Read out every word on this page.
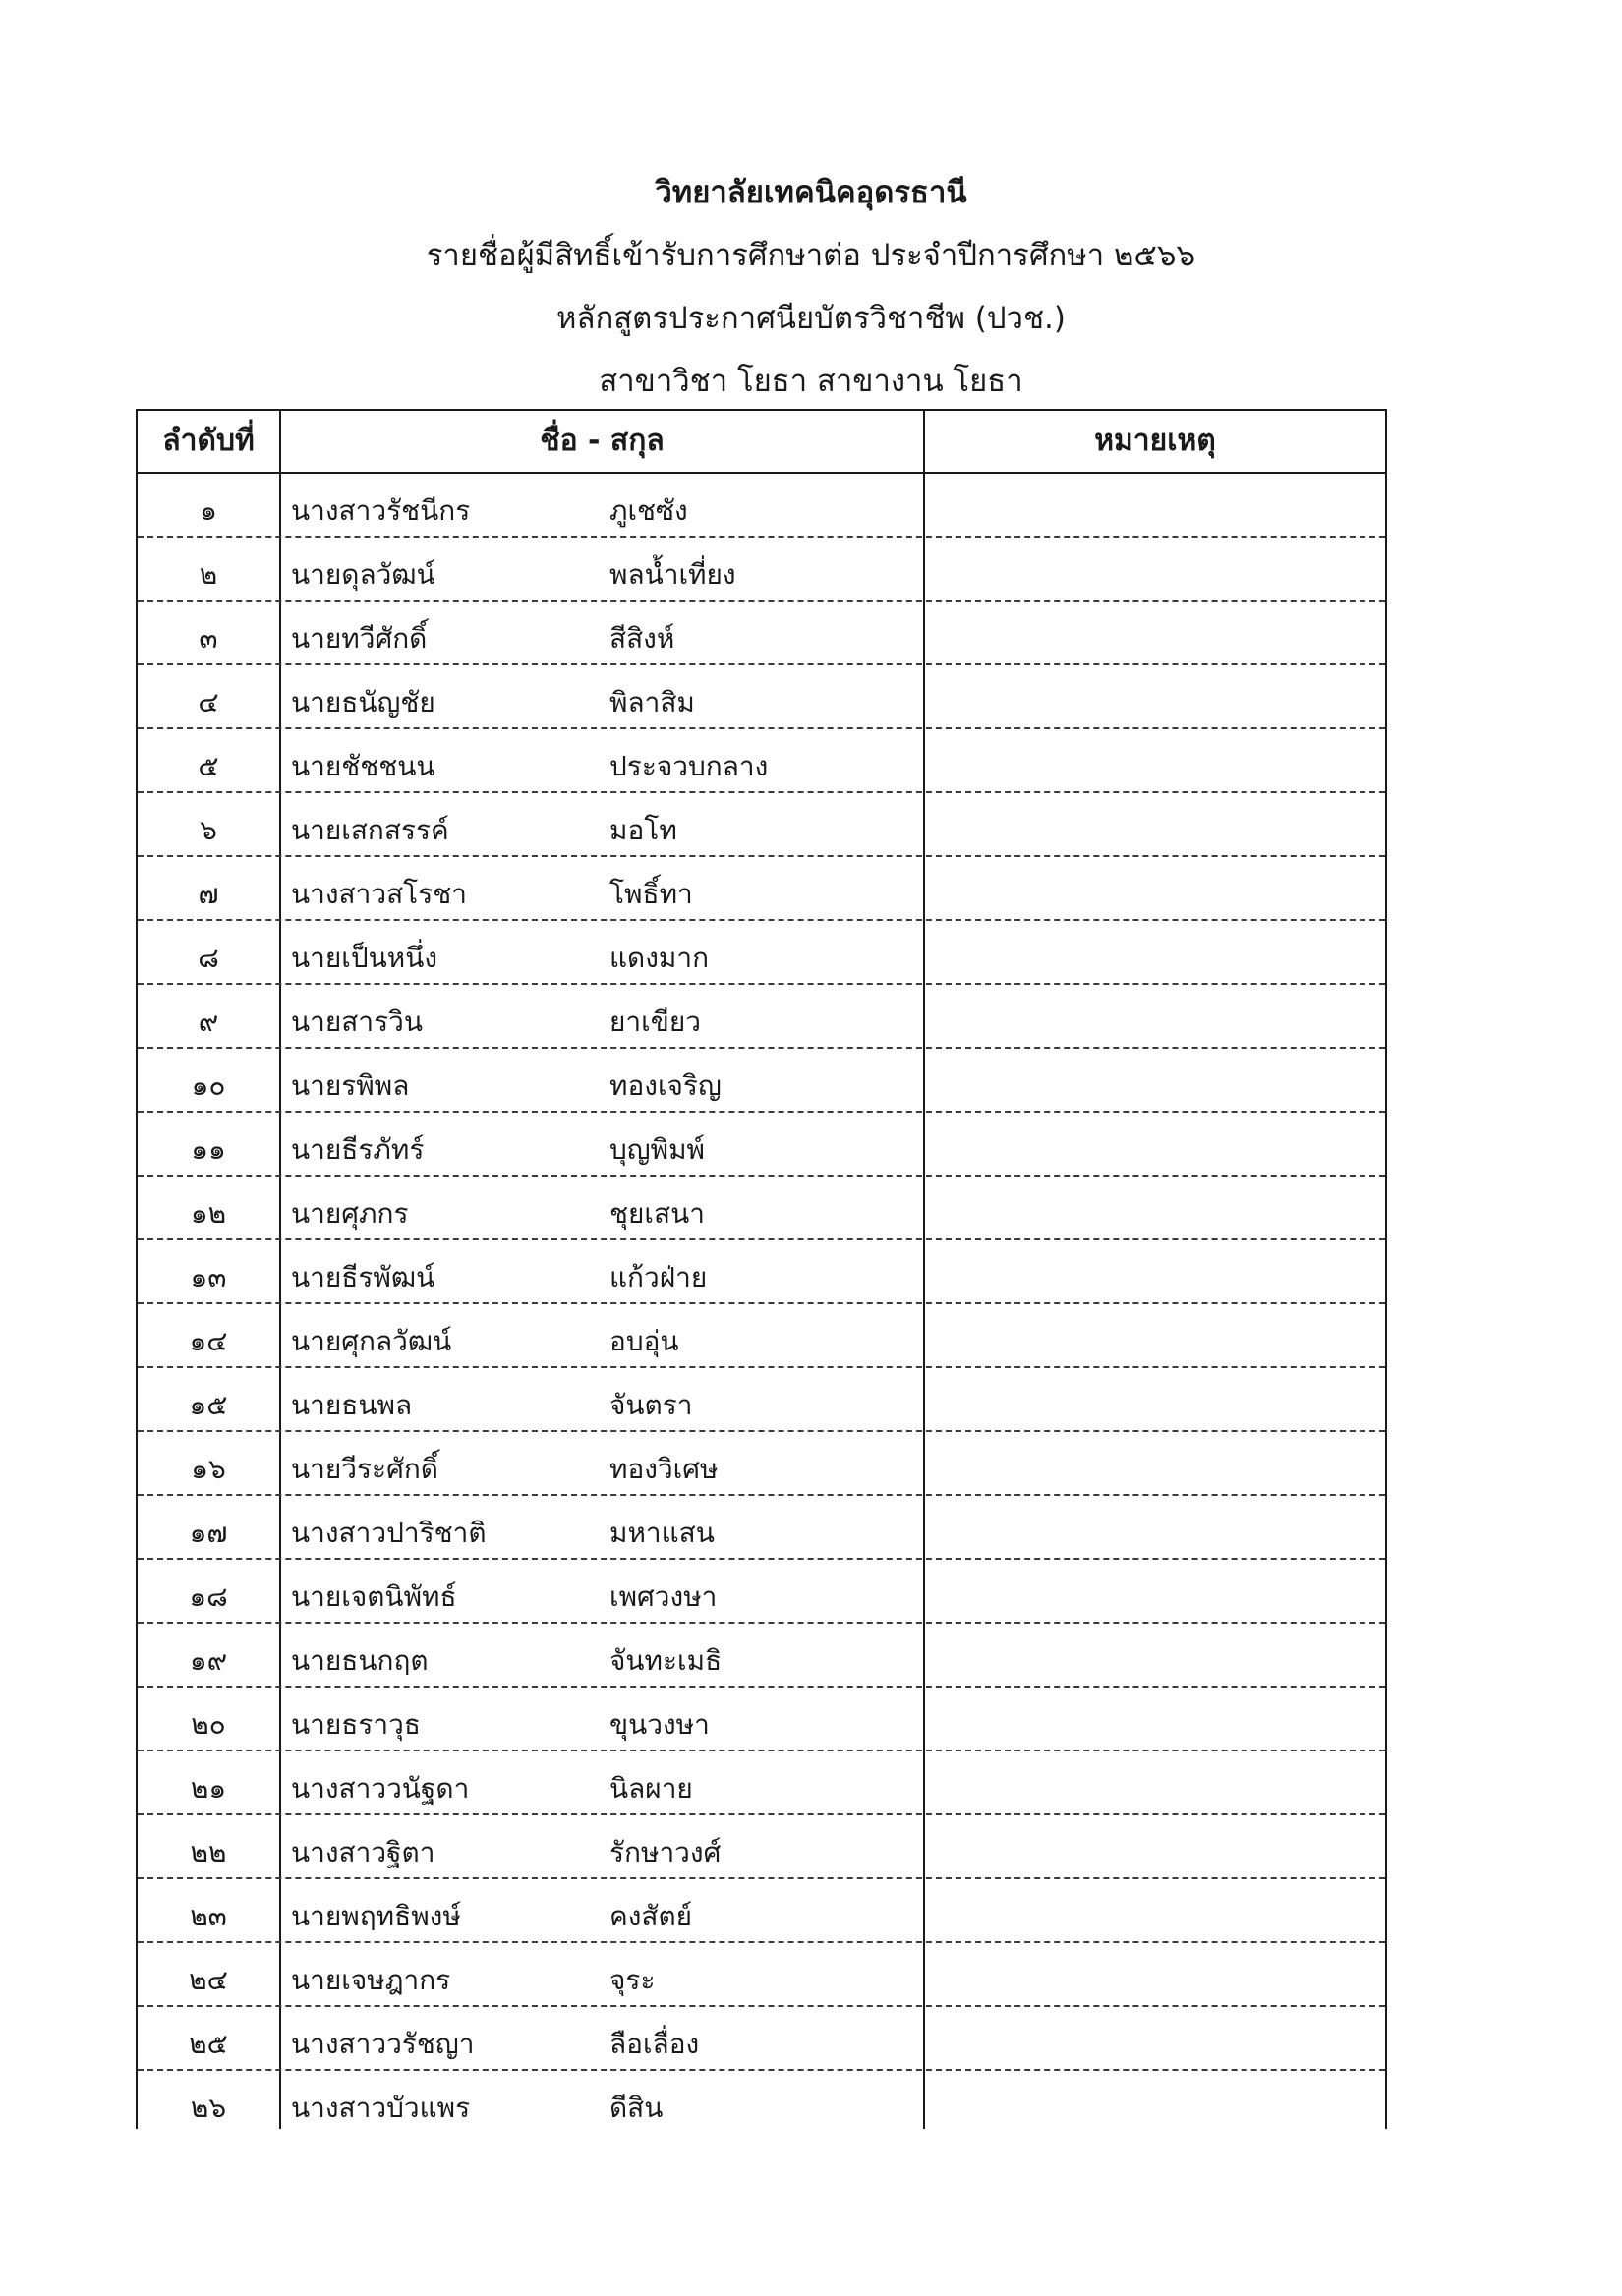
วิทยาลัยเทคนิคอุดรธานี
รายชื่อผู้มีสิทธิ์เข้ารับการศึกษาต่อ ประจำปีการศึกษา ๒๕๖๖
หลักสูตรประกาศนียบัตรวิชาชีพ (ปวช.)
สาขาวิชา โยธา สาขางาน โยธา
ลำดับที่	ชื่อ - สกุล	หมายเหตุ
๑	นางสาวรัชนีกร	ภูเชซัง
๒	นายดุลวัฒน์	พลน้ำเที่ยง
๓	นายทวีศักดิ์	สีสิงห์
๔	นายธนัญชัย	พิลาสิม
๕	นายชัชชนน	ประจวบกลาง
๖	นายเสกสรรค์	มอโท
๗	นางสาวสโรชา	โพธิ์ทา
๘	นายเป็นหนึ่ง	แดงมาก
๙	นายสารวิน	ยาเขียว
๑๐	นายรพิพล	ทองเจริญ
๑๑	นายธีรภัทร์	บุญพิมพ์
๑๒	นายศุภกร	ชุยเสนา
๑๓	นายธีรพัฒน์	แก้วฝ่าย
๑๔	นายศุกลวัฒน์	อบอุ่น
๑๕	นายธนพล	จันตรา
๑๖	นายวีระศักดิ์	ทองวิเศษ
๑๗	นางสาวปาริชาติ	มหาแสน
๑๘	นายเจตนิพัทธ์	เพศวงษา
๑๙	นายธนกฤต	จันทะเมธิ
๒๐	นายธราวุธ	ขุนวงษา
๒๑	นางสาววนัฐดา	นิลผาย
๒๒	นางสาวฐิตา	รักษาวงศ์
๒๓	นายพฤทธิพงษ์	คงสัตย์
๒๔	นายเจษฎากร	จุระ
๒๕	นางสาววรัชญา	ลือเลื่อง
๒๖	นางสาวบัวแพร	ดีสิน
